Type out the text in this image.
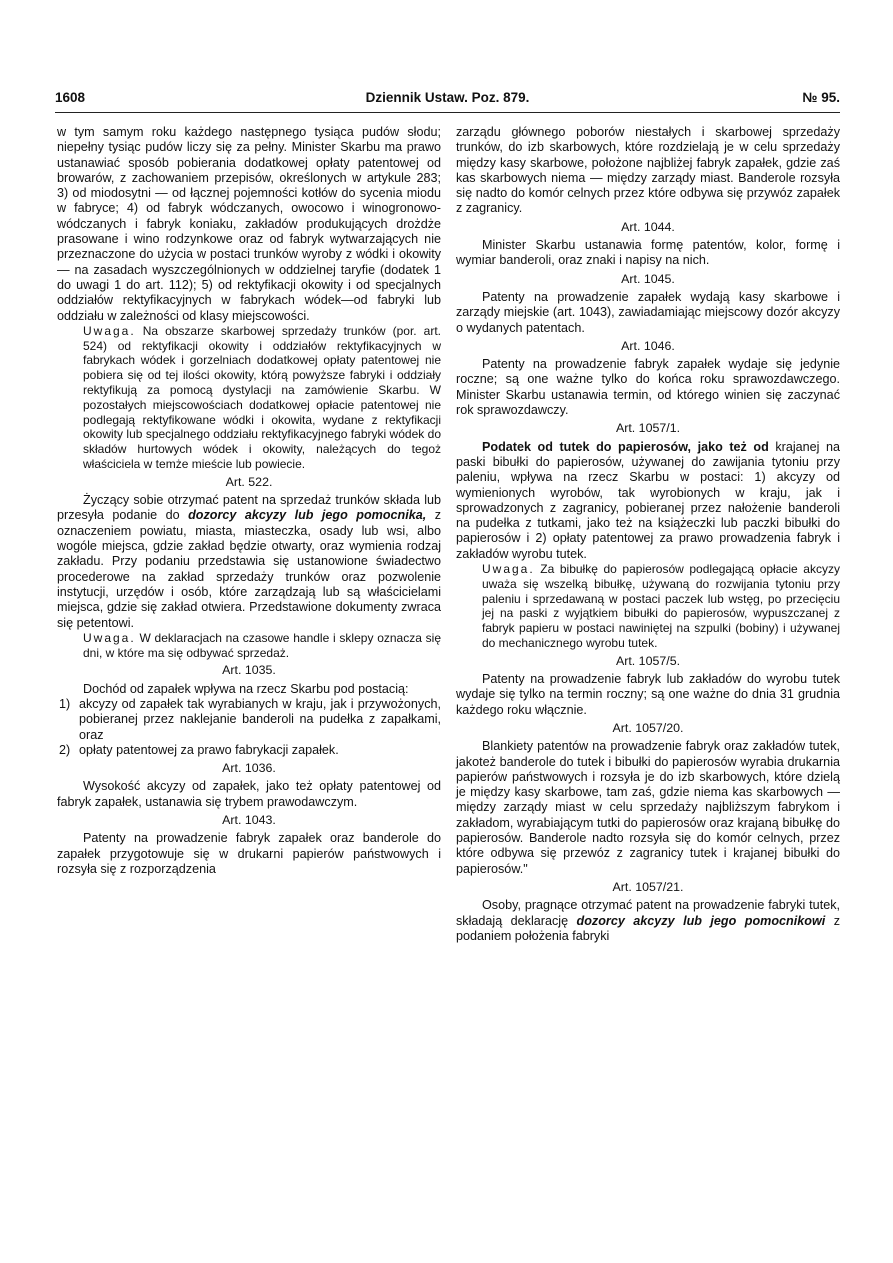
1608	Dziennik Ustaw. Poz. 879.	№ 95.

w tym samym roku każdego następnego tysiąca pudów słodu; niepełny tysiąc pudów liczy się za pełny. Minister Skarbu ma prawo ustanawiać sposób pobierania dodatkowej opłaty patentowej od browarów, z zachowaniem przepisów, określonych w artykule 283; 3) od miodosytni — od łącznej pojemności kotłów do sycenia miodu w fabryce; 4) od fabryk wódczanych, owocowo i winogronowo-wódczanych i fabryk koniaku, zakładów produkujących drożdże prasowane i wino rodzynkowe oraz od fabryk wytwarzających nie przeznaczone do użycia w postaci trunków wyroby z wódki i okowity — na zasadach wyszczególnionych w oddzielnej taryfie (dodatek 1 do uwagi 1 do art. 112); 5) od rektyfikacji okowity i od specjalnych oddziałów rektyfikacyjnych w fabrykach wódek—od fabryki lub oddziału w zależności od klasy miejscowości.

Uwaga. Na obszarze skarbowej sprzedaży trunków (por. art. 524) od rektyfikacji okowity i oddziałów rektyfikacyjnych w fabrykach wódek i gorzelniach dodatkowej opłaty patentowej nie pobiera się od tej ilości okowity, którą powyższe fabryki i oddziały rektyfikują za pomocą dystylacji na zamówienie Skarbu. W pozostałych miejscowościach dodatkowej opłacie patentowej nie podlegają rektyfikowane wódki i okowita, wydane z rektyfikacji okowity lub specjalnego oddziału rektyfikacyjnego fabryki wódek do składów hurtowych wódek i okowity, należących do tegoż właściciela w temże mieście lub powiecie.
Art. 522.

Życzący sobie otrzymać patent na sprzedaż trunków składa lub przesyła podanie do dozorcy akcyzy lub jego pomocnika, z oznaczeniem powiatu, miasta, miasteczka, osady lub wsi, albo wogóle miejsca, gdzie zakład będzie otwarty, oraz wymienia rodzaj zakładu. Przy podaniu przedstawia się ustanowione świadectwo procederowe na zakład sprzedaży trunków oraz pozwolenie instytucji, urzędów i osób, które zarządzają lub są właścicielami miejsca, gdzie się zakład otwiera. Przedstawione dokumenty zwraca się petentowi.

Uwaga. W deklaracjach na czasowe handle i sklepy oznacza się dni, w które ma się odbywać sprzedaż.
Art. 1035.

Dochód od zapałek wpływa na rzecz Skarbu pod postacią:

1) akcyzy od zapałek tak wyrabianych w kraju, jak i przywożonych, pobieranej przez naklejanie banderoli na pudełka z zapałkami, oraz
2) opłaty patentowej za prawo fabrykacji zapałek.
Art. 1036.

Wysokość akcyzy od zapałek, jako też opłaty patentowej od fabryk zapałek, ustanawia się trybem prawodawczym.

Art. 1043.

Patenty na prowadzenie fabryk zapałek oraz banderole do zapałek przygotowuje się w drukarni papierów państwowych i rozsyła się z rozporządzenia

zarządu głównego poborów niestałych i skarbowej sprzedaży trunków, do izb skarbowych, które rozdzielają je w celu sprzedaży między kasy skarbowe, położone najbliżej fabryk zapałek, gdzie zaś kas skarbowych niema — między zarządy miast. Banderole rozsyła się nadto do komór celnych przez które odbywa się przywóz zapałek z zagranicy.

Art. 1044.

Minister Skarbu ustanawia formę patentów, kolor, formę i wymiar banderoli, oraz znaki i napisy na nich.

Art. 1045.

Patenty na prowadzenie zapałek wydają kasy skarbowe i zarządy miejskie (art. 1043), zawiadamiając miejscowy dozór akcyzy o wydanych patentach.

Art. 1046.

Patenty na prowadzenie fabryk zapałek wydaje się jedynie roczne; są one ważne tylko do końca roku sprawozdawczego. Minister Skarbu ustanawia termin, od którego winien się zaczynać rok sprawozdawczy.

Art. 1057/1.

Podatek od tutek do papierosów, jako też od krajanej na paski bibułki do papierosów, używanej do zawijania tytoniu przy paleniu, wpływa na rzecz Skarbu w postaci: 1) akcyzy od wymienionych wyrobów, tak wyrobionych w kraju, jak i sprowadzonych z zagranicy, pobieranej przez nałożenie banderoli na pudełka z tutkami, jako też na książeczki lub paczki bibułki do papierosów i 2) opłaty patentowej za prawo prowadzenia fabryk i zakładów wyrobu tutek.

Uwaga. Za bibułkę do papierosów podlegającą opłacie akcyzy uważa się wszelką bibułkę, używaną do rozwijania tytoniu przy paleniu i sprzedawaną w postaci paczek lub wstęg, po przecięciu jej na paski z wyjątkiem bibułki do papierosów, wypuszczanej z fabryk papieru w postaci nawiniętej na szpulki (bobiny) i używanej do mechanicznego wyrobu tutek.
Art. 1057/5.

Patenty na prowadzenie fabryk lub zakładów do wyrobu tutek wydaje się tylko na termin roczny; są one ważne do dnia 31 grudnia każdego roku włącznie.

Art. 1057/20.

Blankiety patentów na prowadzenie fabryk oraz zakładów tutek, jakoteż banderole do tutek i bibułki do papierosów wyrabia drukarnia papierów państwowych i rozsyła je do izb skarbowych, które dzielą je między kasy skarbowe, tam zaś, gdzie niema kas skarbowych — między zarządy miast w celu sprzedaży najbliższym fabrykom i zakładom, wyrabiającym tutki do papierosów oraz krajaną bibułkę do papierosów. Banderole nadto rozsyła się do komór celnych, przez które odbywa się przewóz z zagranicy tutek i krajanej bibułki do papierosów."

Art. 1057/21.

Osoby, pragnące otrzymać patent na prowadzenie fabryki tutek, składają deklarację dozorcy akcyzy lub jego pomocnikowi z podaniem położenia fabryki
